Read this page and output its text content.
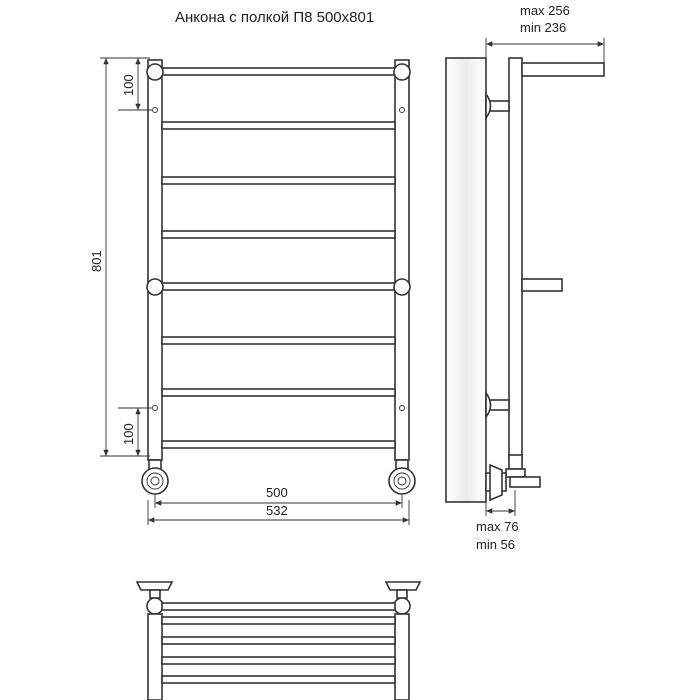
Анкона с полкой П8 500х801
801
100
100
500
532
max 256
min 236
max 76
min 56
